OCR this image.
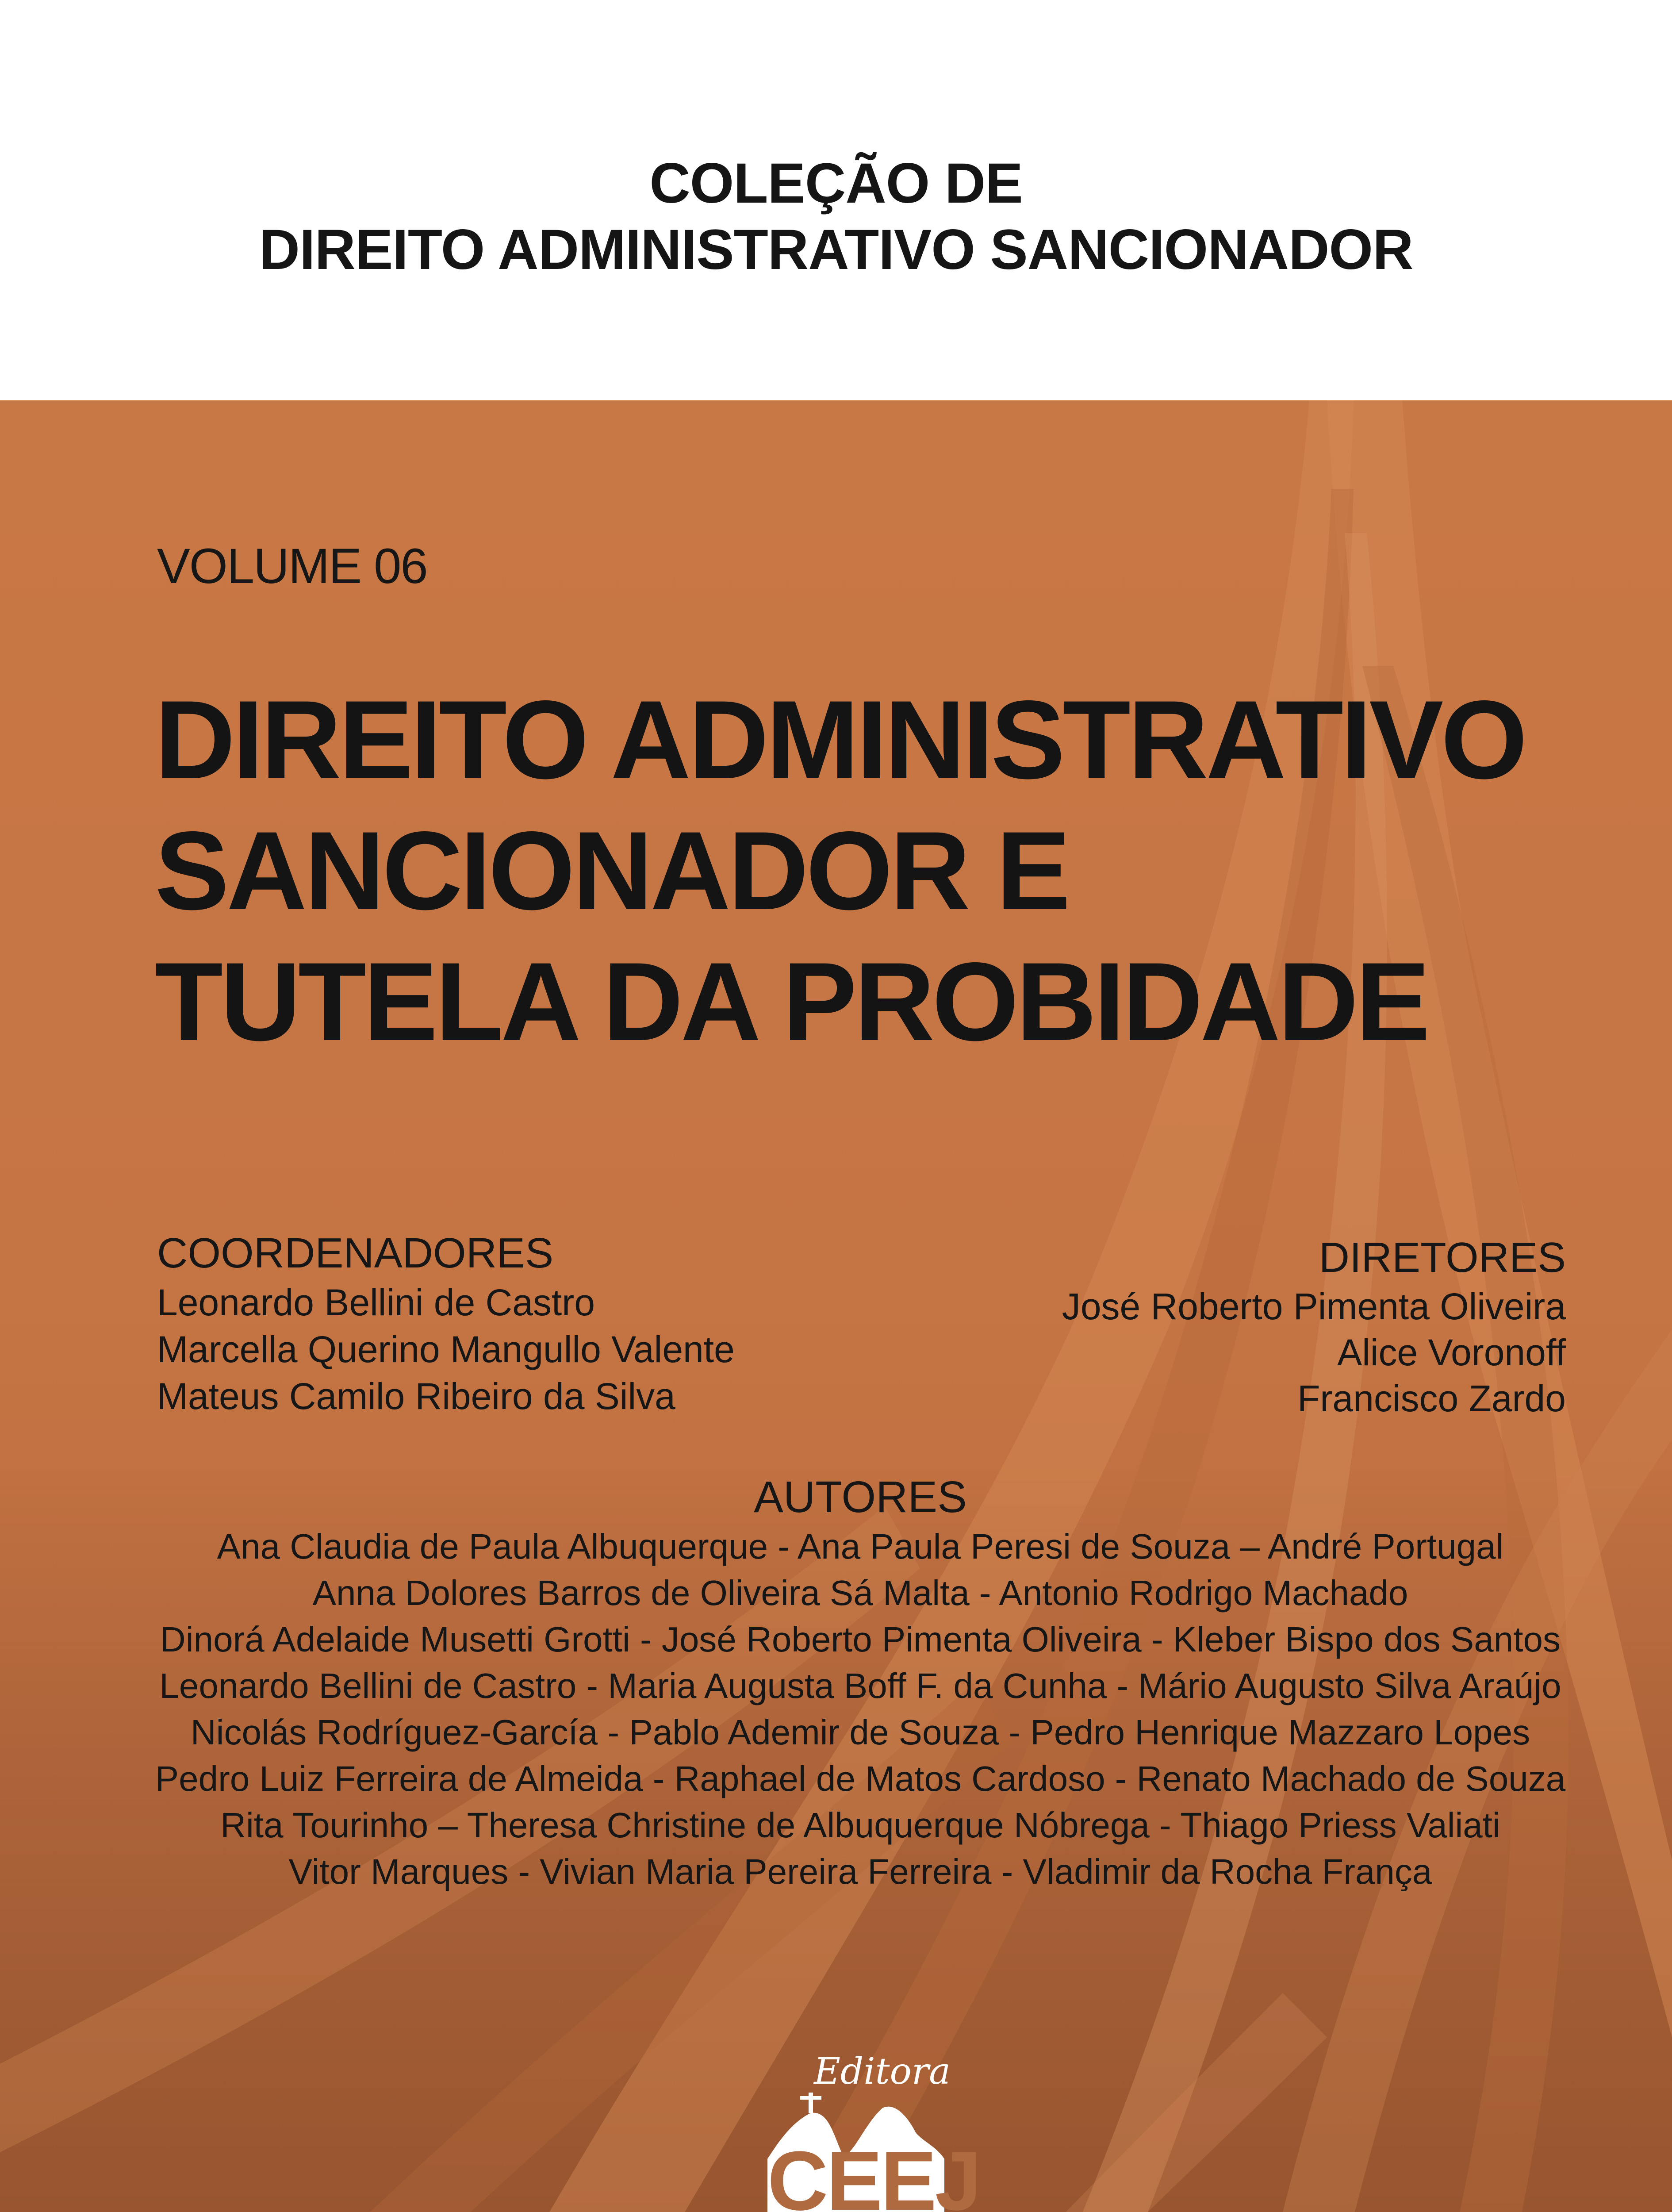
COLEÇÃO DE
DIREITO ADMINISTRATIVO SANCIONADOR
VOLUME 06
DIREITO ADMINISTRATIVO
SANCIONADOR E
TUTELA DA PROBIDADE
COORDENADORES
Leonardo Bellini de Castro
Marcella Querino Mangullo Valente
Mateus Camilo Ribeiro da Silva
DIRETORES
José Roberto Pimenta Oliveira
Alice Voronoff
Francisco Zardo
AUTORES
Ana Claudia de Paula Albuquerque - Ana Paula Peresi de Souza – André Portugal
Anna Dolores Barros de Oliveira Sá Malta - Antonio Rodrigo Machado
Dinorá Adelaide Musetti Grotti - José Roberto Pimenta Oliveira - Kleber Bispo dos Santos
Leonardo Bellini de Castro - Maria Augusta Boff F. da Cunha - Mário Augusto Silva Araújo
Nicolás Rodríguez-García - Pablo Ademir de Souza - Pedro Henrique Mazzaro Lopes
Pedro Luiz Ferreira de Almeida - Raphael de Matos Cardoso - Renato Machado de Souza
Rita Tourinho – Theresa Christine de Albuquerque Nóbrega - Thiago Priess Valiati
Vitor Marques - Vivian Maria Pereira Ferreira - Vladimir da Rocha França
Editora
CEEJ
